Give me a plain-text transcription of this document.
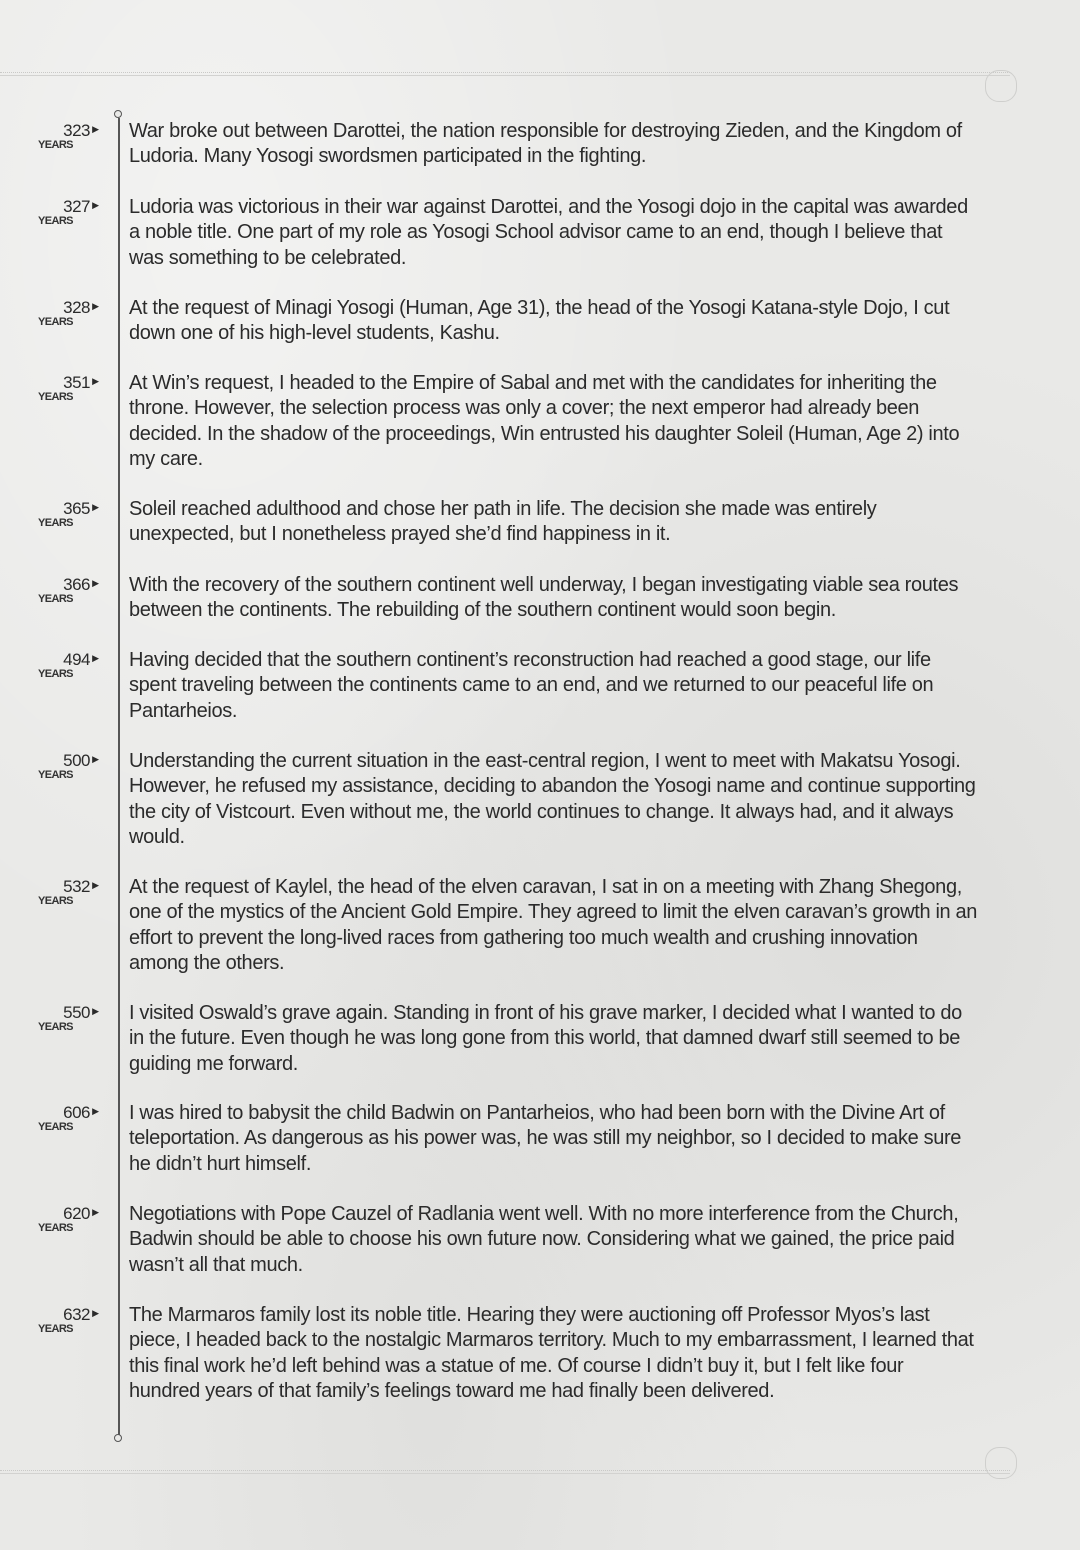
323 ▶
YEARS

War broke out between Darottei, the nation responsible for destroying Zieden, and the Kingdom of Ludoria. Many Yosogi swordsmen participated in the fighting.

327 ▶
YEARS

Ludoria was victorious in their war against Darottei, and the Yosogi dojo in the capital was awarded a noble title. One part of my role as Yosogi School advisor came to an end, though I believe that was something to be celebrated.

328 ▶
YEARS

At the request of Minagi Yosogi (Human, Age 31), the head of the Yosogi Katana-style Dojo, I cut down one of his high-level students, Kashu.

351 ▶
YEARS

At Win’s request, I headed to the Empire of Sabal and met with the candidates for inheriting the throne. However, the selection process was only a cover; the next emperor had already been decided. In the shadow of the proceedings, Win entrusted his daughter Soleil (Human, Age 2) into my care.

365 ▶
YEARS

Soleil reached adulthood and chose her path in life. The decision she made was entirely unexpected, but I nonetheless prayed she’d find happiness in it.

366 ▶
YEARS

With the recovery of the southern continent well underway, I began investigating viable sea routes between the continents. The rebuilding of the southern continent would soon begin.

494 ▶
YEARS

Having decided that the southern continent’s reconstruction had reached a good stage, our life spent traveling between the continents came to an end, and we returned to our peaceful life on Pantarheios.

500 ▶
YEARS

Understanding the current situation in the east-central region, I went to meet with Makatsu Yosogi. However, he refused my assistance, deciding to abandon the Yosogi name and continue supporting the city of Vistcourt. Even without me, the world continues to change. It always had, and it always would.

532 ▶
YEARS

At the request of Kaylel, the head of the elven caravan, I sat in on a meeting with Zhang Shegong, one of the mystics of the Ancient Gold Empire. They agreed to limit the elven caravan’s growth in an effort to prevent the long-lived races from gathering too much wealth and crushing innovation among the others.

550 ▶
YEARS

I visited Oswald’s grave again. Standing in front of his grave marker, I decided what I wanted to do in the future. Even though he was long gone from this world, that damned dwarf still seemed to be guiding me forward.

606 ▶
YEARS

I was hired to babysit the child Badwin on Pantarheios, who had been born with the Divine Art of teleportation. As dangerous as his power was, he was still my neighbor, so I decided to make sure he didn’t hurt himself.

620 ▶
YEARS

Negotiations with Pope Cauzel of Radlania went well. With no more interference from the Church, Badwin should be able to choose his own future now. Considering what we gained, the price paid wasn’t all that much.

632 ▶
YEARS

The Marmaros family lost its noble title. Hearing they were auctioning off Professor Myos’s last piece, I headed back to the nostalgic Marmaros territory. Much to my embarrassment, I learned that this final work he’d left behind was a statue of me. Of course I didn’t buy it, but I felt like four hundred years of that family’s feelings toward me had finally been delivered.
